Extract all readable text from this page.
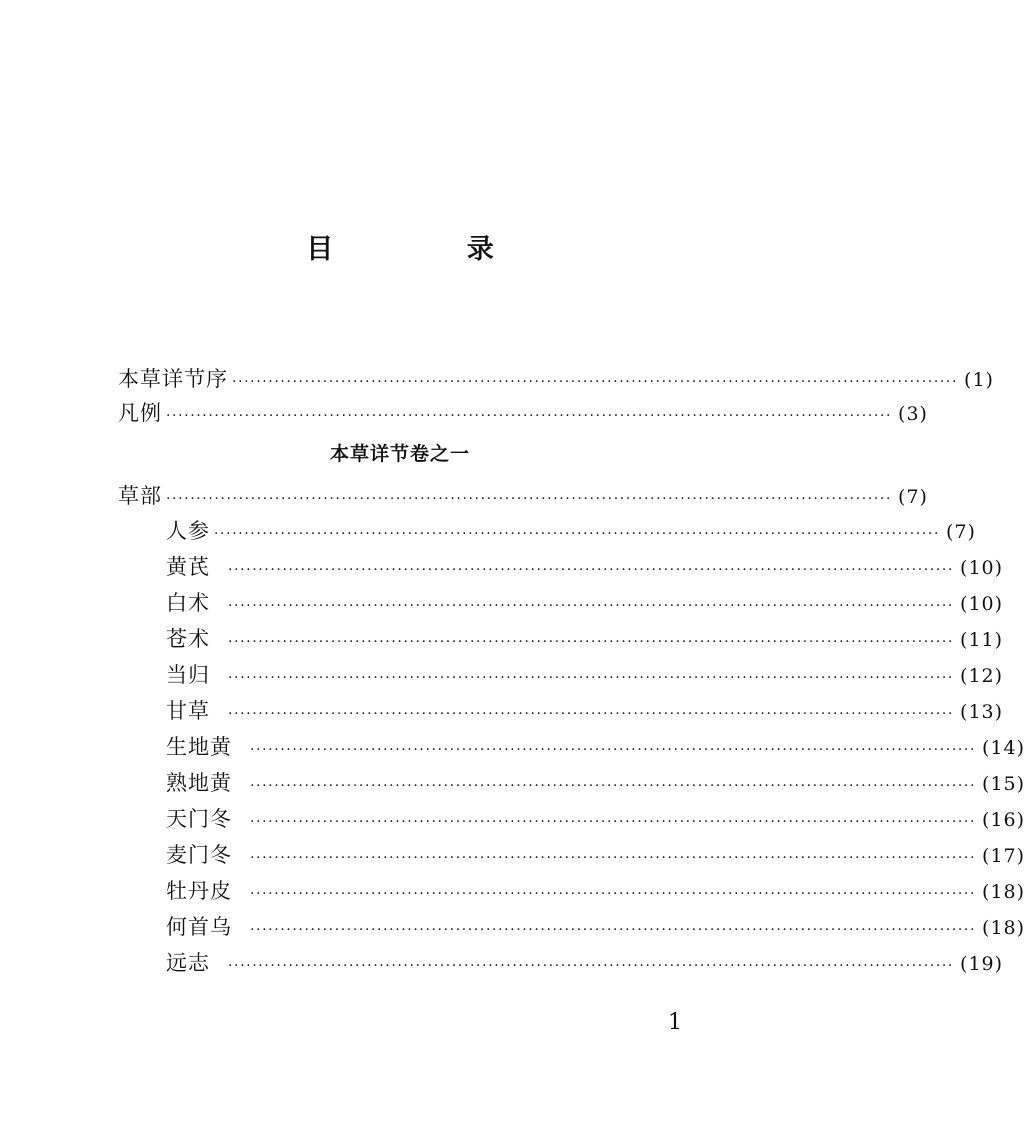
目 录
本草详节序 ························································································································ (1)
凡例 ························································································································ (3)
本草详节卷之一
草部 ························································································································ (7)
人参 ························································································································ (7)
黄芪 ························································································································ (10)
白术 ························································································································ (10)
苍术 ························································································································ (11)
当归 ························································································································ (12)
甘草 ························································································································ (13)
生地黄 ························································································································ (14)
熟地黄 ························································································································ (15)
天门冬 ························································································································ (16)
麦门冬 ························································································································ (17)
牡丹皮 ························································································································ (18)
何首乌 ························································································································ (18)
远志 ························································································································ (19)
1
